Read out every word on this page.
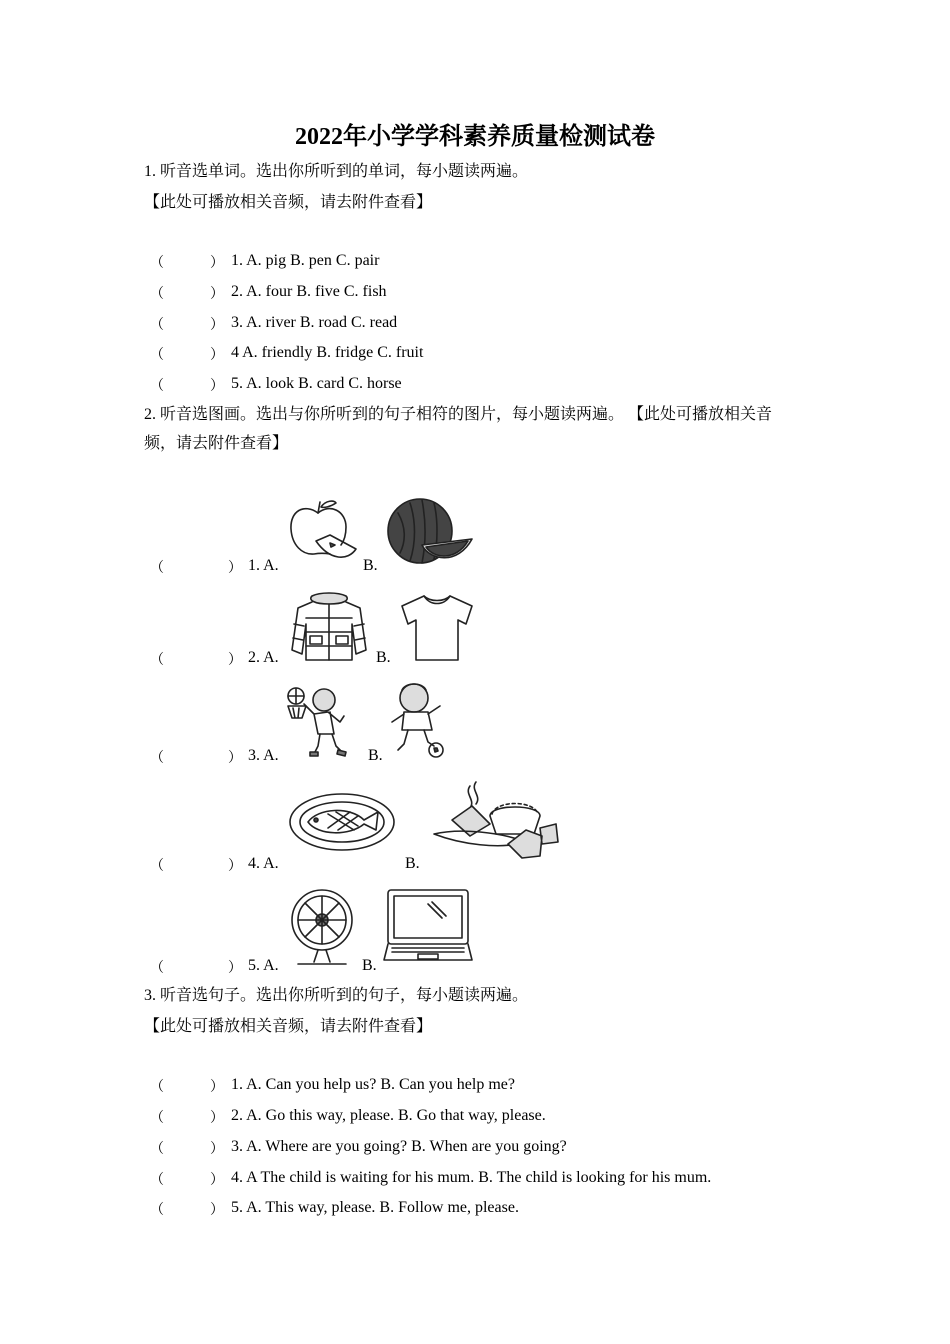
2022年小学学科素养质量检测试卷
1. 听音选单词。选出你所听到的单词，每小题读两遍。
【此处可播放相关音频，请去附件查看】
（	） 1. A. pig B. pen C. pair
（	） 2. A. four B. five C. fish
（	） 3. A. river B. road C. read
（	） 4 A. friendly B. fridge C. fruit
（	） 5. A. look B. card C. horse
2. 听音选图画。选出与你所听到的句子相符的图片，每小题读两遍。 【此处可播放相关音
频，请去附件查看】
（	） 1. A.	B.
（	） 2. A.	B.
（	） 3. A.	B.
（	） 4. A.	B.
（	） 5. A.	B.
3. 听音选句子。选出你所听到的句子，每小题读两遍。
【此处可播放相关音频，请去附件查看】
（	） 1. A. Can you help us? B. Can you help me?
（	） 2. A. Go this way, please. B. Go that way, please.
（	） 3. A. Where are you going? B. When are you going?
（	） 4. A The child is waiting for his mum. B. The child is looking for his mum.
（	） 5. A. This way, please. B. Follow me, please.
